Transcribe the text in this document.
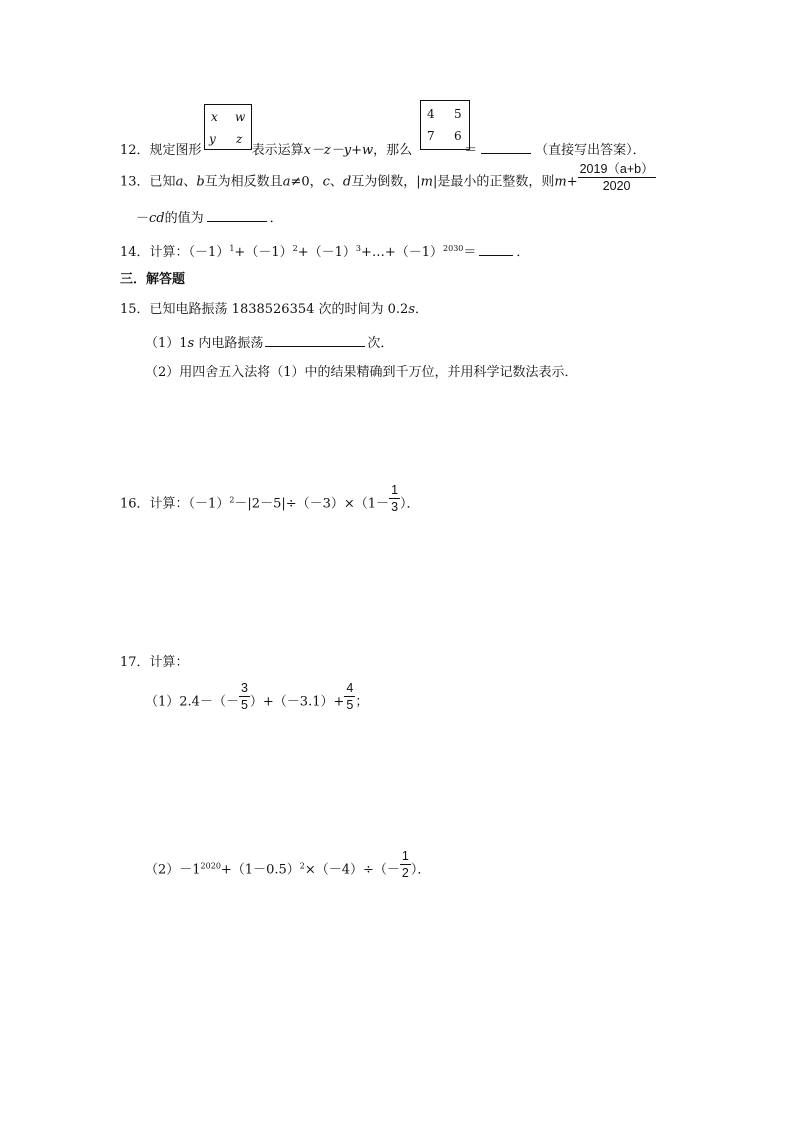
x w
y z
4 5
7 6
12．规定图形	表示运算x－z－y+w，那么	＝	（直接写出答案）．
13．已知a、b互为相反数且a≠0，c、d互为倒数，|m|是最小的正整数，则$m+ \frac{2019(a+b)}{2020}$
－cd的值为	．
14．计算：$(-1)^1+(-1)^2+(-1)^3+\dots+(-1)^{2030}=$	．
三．解答题
15．已知电路振荡 1838526354 次的时间为 0.2s．
（1）1s 内电路振荡	次．
（2）用四舍五入法将（1）中的结果精确到千万位，并用科学记数法表示．
16．计算：$(-1)^2-|2-5|\div(-3)\times(1- \frac{1}{3}$ ）．
17．计算：
$(1)2.4-(- \frac{3}{5} )+(-3.1)+ \frac{4}{5}$ ；
$(2)-1^{2020}+(1-0.5)^2\times(-4)\div(- \frac{1}{2}$ ）．
